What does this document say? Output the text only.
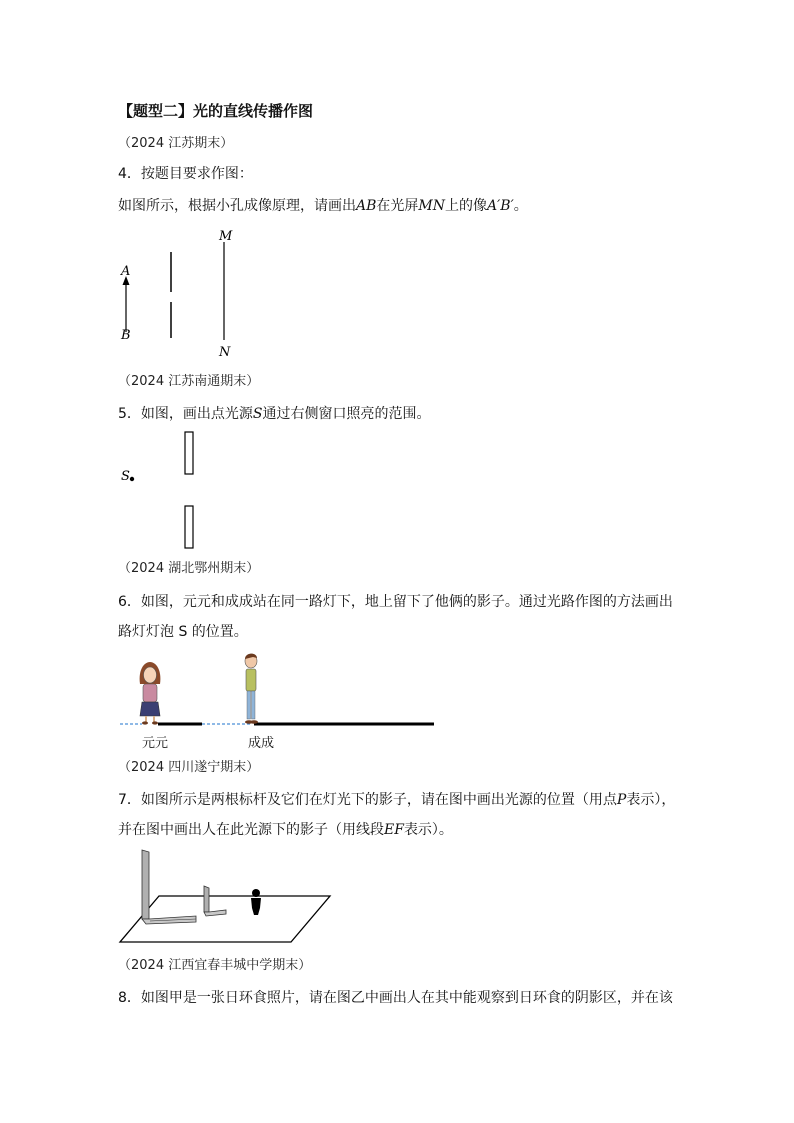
【题型二】光的直线传播作图
（2024 江苏期末）
4．按题目要求作图：
如图所示，根据小孔成像原理，请画出AB在光屏MN上的像A′B′。
A
B
M
N
（2024 江苏南通期末）
5．如图，画出点光源S通过右侧窗口照亮的范围。
S
（2024 湖北鄂州期末）
6．如图，元元和成成站在同一路灯下，地上留下了他俩的影子。通过光路作图的方法画出
路灯灯泡 S 的位置。
元元	成成
（2024 四川遂宁期末）
7．如图所示是两根标杆及它们在灯光下的影子，请在图中画出光源的位置（用点P表示），
并在图中画出人在此光源下的影子（用线段EF表示）。
（2024 江西宜春丰城中学期末）
8．如图甲是一张日环食照片，请在图乙中画出人在其中能观察到日环食的阴影区，并在该
